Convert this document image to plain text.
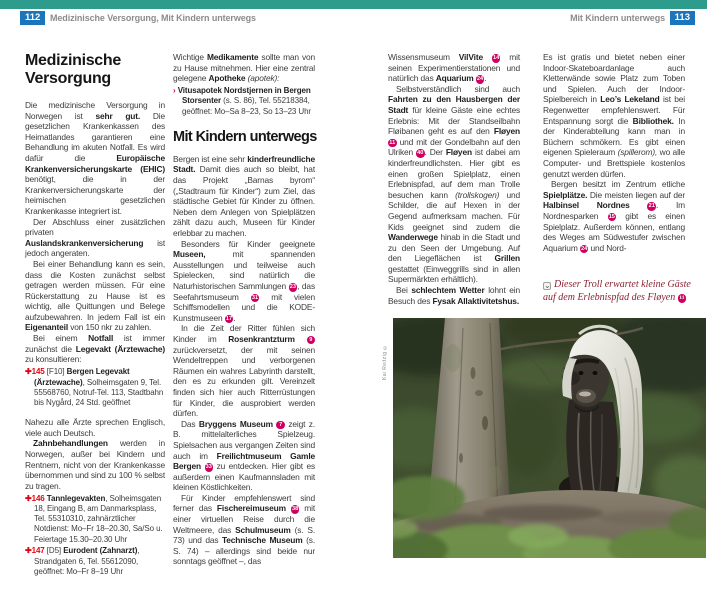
112	Medizinische Versorgung, Mit Kindern unterwegs	Mit Kindern unterwegs	113
Medizinische Versorgung

Die medizinische Versorgung in Norwegen ist sehr gut. Die gesetzlichen Krankenkassen des Heimatlandes garantieren eine Behandlung im akuten Notfall. Es wird dafür die Europäische Krankenversicherungskarte (EHIC) benötigt, die in der Krankenversicherungskarte der heimischen gesetzlichen Krankenkasse integriert ist.

Der Abschluss einer zusätzlichen privaten Auslandskrankenversicherung ist jedoch angeraten.

Bei einer Behandlung kann es sein, dass die Kosten zunächst selbst getragen werden müssen. Für eine Rückerstattung zu Hause ist es wichtig, alle Quittungen und Belege aufzubewahren. In jedem Fall ist ein Eigenanteil von 150 nkr zu zahlen.

Bei einem Notfall ist immer zunächst die Legevakt (Ärztewache) zu konsultieren:

✚145 [F10] Bergen Legevakt (Ärztewache), Solheimsgaten 9, Tel. 55568760, Notruf-Tel. 113, Stadtbahn bis Nygård, 24 Std. geöffnet

Nahezu alle Ärzte sprechen Englisch, viele auch Deutsch.

Zahnbehandlungen werden in Norwegen, außer bei Kindern und Rentnern, nicht von der Krankenkasse übernommen und sind zu 100 % selbst zu tragen.

✚146 Tannlegevakten, Solheimsgaten 18, Eingang B, am Danmarksplass, Tel. 55310310, zahnärztlicher Notdienst: Mo–Fr 18–20.30, Sa/So u. Feiertage 15.30–20.30 Uhr

✚147 [D5] Eurodent (Zahnarzt), Strandgaten 6, Tel. 55612090, geöffnet: Mo–Fr 8–19 Uhr

Wichtige Medikamente sollte man von zu Hause mitnehmen. Hier eine zentral gelegene Apotheke (apotek):

› Vitusapotek Nordstjernen in Bergen Storsenter (s. S. 86), Tel. 55218384, geöffnet: Mo–Sa 8–23, So 13–23 Uhr

Mit Kindern unterwegs

Bergen ist eine sehr kinderfreundliche Stadt. Damit dies auch so bleibt, hat das Projekt „Barnas byrom“ („Stadtraum für Kinder“) zum Ziel, das städtische Gebiet für Kinder zu öffnen. Neben dem Anlegen von Spielplätzen zählt dazu auch, Museen für Kinder erlebbar zu machen.

Besonders für Kinder geeignete Museen, mit spannenden Ausstellungen und teilweise auch Spielecken, sind natürlich die Naturhistorischen Sammlungen 23, das Seefahrtsmuseum 31 mit vielen Schiffsmodellen und die KODE-Kunstmuseen 17.

In die Zeit der Ritter fühlen sich Kinder im Rosenkrantzturm	9 zurückversetzt, der mit seinen Wendeltreppen und verborgenen Räumen ein wahres Labyrinth darstellt, den es zu erkunden gilt. Vereinzelt finden sich hier auch Ritterrüstungen für Kinder, die ausprobiert werden dürfen.

Das Bryggens Museum 7 zeigt z. B. mittelalterliches Spielzeug. Spielsachen aus vergangen Zeiten sind auch im Freilichtmuseum Gamle Bergen 33 zu entdecken. Hier gibt es außerdem einen Kaufmannsladen mit kleinen Köstlichkeiten.

Für Kinder empfehlenswert sind ferner das Fischereimuseum 38 mit einer virtuellen Reise durch die Weltmeere, das Schulmuseum (s. S. 73) und das Technische Museum (s. S. 74) – allerdings sind beide nur sonntags geöffnet –, das

Wissensmuseum VilVite 14 mit seinen Experimentierstationen und natürlich das Aquarium 24.

Selbstverständlich sind auch Fahrten zu den Hausbergen der Stadt für kleine Gäste eine echtes Erlebnis: Mit der Standseilbahn Fløibanen geht es auf den Fløyen 11 und mit der Gondelbahn auf den Ulriken 40. Der Fløyen ist dabei am kinderfreundlichsten. Hier gibt es einen großen Spielplatz, einen Erlebnispfad, auf dem man Trolle besuchen kann (trollskogen) und Schilder, die auf Hexen in der Gegend aufmerksam machen. Für Kids geeignet sind zudem die Wanderwege hinab in die Stadt und zu den Seen der Umgebung. Auf den Liegeflächen ist Grillen gestattet (Einweggrills sind in allen Supermärkten erhältlich).

Bei schlechtem Wetter lohnt ein Besuch des Fysak Allaktivitetshus.

Es ist gratis und bietet neben einer Indoor-Skateboardanlage auch Kletterwände sowie Platz zum Toben und Spielen. Auch der Indoor-Spielbereich in Leo’s Lekeland ist bei Regenwetter empfehlenswert. Für Entspannung sorgt die Bibliothek. In der Kinderabteilung kann man in Büchern schmökern. Es gibt einen eigenen Spieleraum (spillerom), wo alle Computer- und Brettspiele kostenlos genutzt werden dürfen.

Bergen besitzt im Zentrum etliche Spielplätze. Die meisten liegen auf der Halbinsel Nordnes	21. Im Nordnesparken 15 gibt es einen Spielplatz. Außerdem können, entlang des Weges am Südwestufer zwischen Aquarium 24 und Nord-

⌄ Dieser Troll erwartet kleine Gäste auf dem Erlebnispfad des Fløyen 11
Kai Reitzig ©
